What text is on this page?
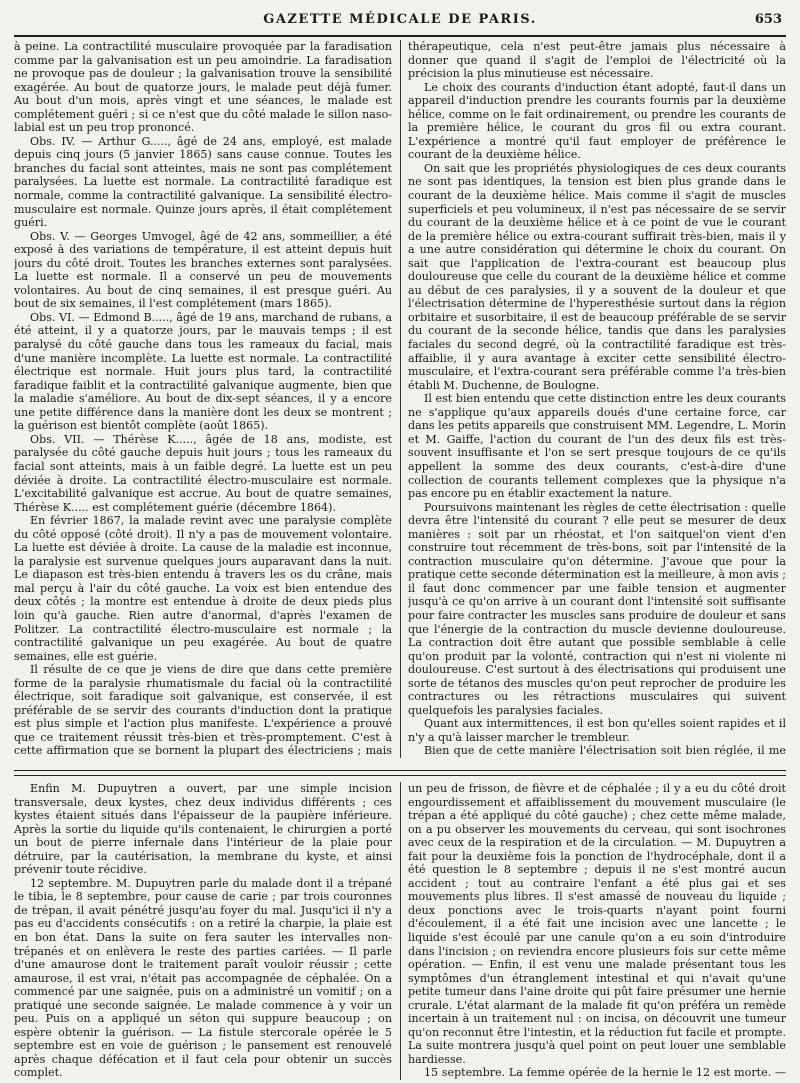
GAZETTE MÉDICALE DE PARIS.	653

à peine. La contractilité musculaire provoquée par la faradisation comme par la galvanisation est un peu amoindrie. La faradisation ne provoque pas de douleur ; la galvanisation trouve la sensibilité exagérée. Au bout de quatorze jours, le malade peut déjà fumer. Au bout d'un mois, après vingt et une séances, le malade est complétement guéri ; si ce n'est que du côté malade le sillon naso-labial est un peu trop prononcé.

Obs. IV. — Arthur G....., âgé de 24 ans, employé, est malade depuis cinq jours (5 janvier 1865) sans cause connue. Toutes les branches du facial sont atteintes, mais ne sont pas complétement paralysées. La luette est normale. La contractilité faradique est normale, comme la contractilité galvanique. La sensibilité électro-musculaire est normale. Quinze jours après, il était complétement guéri.

Obs. V. — Georges Umvogel, âgé de 42 ans, sommeillier, a été exposé à des variations de température, il est atteint depuis huit jours du côté droit. Toutes les branches externes sont paralysées. La luette est normale. Il a conservé un peu de mouvements volontaires. Au bout de cinq semaines, il est presque guéri. Au bout de six semaines, il l'est complétement (mars 1865).

Obs. VI. — Edmond B....., âgé de 19 ans, marchand de rubans, a été atteint, il y a quatorze jours, par le mauvais temps ; il est paralysé du côté gauche dans tous les rameaux du facial, mais d'une manière incomplète. La luette est normale. La contractilité électrique est normale. Huit jours plus tard, la contractilité faradique faiblit et la contractilité galvanique augmente, bien que la maladie s'améliore. Au bout de dix-sept séances, il y a encore une petite différence dans la manière dont les deux se montrent ; la guérison est bientôt complète (août 1865).

Obs. VII. — Thérèse K....., âgée de 18 ans, modiste, est paralysée du côté gauche depuis huit jours ; tous les rameaux du facial sont atteints, mais à un faible degré. La luette est un peu déviée à droite. La contractilité électro-musculaire est normale. L'excitabilité galvanique est accrue. Au bout de quatre semaines, Thérèse K..... est complétement guérie (décembre 1864).

En février 1867, la malade revint avec une paralysie complète du côté opposé (côté droit). Il n'y a pas de mouvement volontaire. La luette est déviée à droite. La cause de la maladie est inconnue, la paralysie est survenue quelques jours auparavant dans la nuit. Le diapason est très-bien entendu à travers les os du crâne, mais mal perçu à l'air du côté gauche. La voix est bien entendue des deux côtés ; la montre est entendue à droite de deux pieds plus loin qu'à gauche. Rien autre d'anormal, d'après l'examen de Politzer. La contractilité électro-musculaire est normale ; la contractilité galvanique un peu exagérée. Au bout de quatre semaines, elle est guérie.

Il résulte de ce que je viens de dire que dans cette première forme de la paralysie rhumatismale du facial où la contractilité électrique, soit faradique soit galvanique, est conservée, il est préférable de se servir des courants d'induction dont la pratique est plus simple et l'action plus manifeste. L'expérience a prouvé que ce traitement réussit très-bien et très-promptement. C'est à cette affirmation que se bornent la plupart des électriciens ; mais

thérapeutique, cela n'est peut-être jamais plus nécessaire à donner que quand il s'agit de l'emploi de l'électricité où la précision la plus minutieuse est nécessaire.

Le choix des courants d'induction étant adopté, faut-il dans un appareil d'induction prendre les courants fournis par la deuxième hélice, comme on le fait ordinairement, ou prendre les courants de la première hélice, le courant du gros fil ou extra courant. L'expérience a montré qu'il faut employer de préférence le courant de la deuxième hélice.

On sait que les propriétés physiologiques de ces deux courants ne sont pas identiques, la tension est bien plus grande dans le courant de la deuxième hélice. Mais comme il s'agit de muscles superficiels et peu volumineux, il n'est pas nécessaire de se servir du courant de la deuxième hélice et à ce point de vue le courant de la première hélice ou extra-courant suffirait très-bien, mais il y a une autre considération qui détermine le choix du courant. On sait que l'application de l'extra-courant est beaucoup plus douloureuse que celle du courant de la deuxième hélice et comme au début de ces paralysies, il y a souvent de la douleur et que l'électrisation détermine de l'hyperesthésie surtout dans la région orbitaire et susorbitaire, il est de beaucoup préférable de se servir du courant de la seconde hélice, tandis que dans les paralysies faciales du second degré, où la contractilité faradique est très-affaiblie, il y aura avantage à exciter cette sensibilité électro-musculaire, et l'extra-courant sera préférable comme l'a très-bien établi M. Duchenne, de Boulogne.

Il est bien entendu que cette distinction entre les deux courants ne s'applique qu'aux appareils doués d'une certaine force, car dans les petits appareils que construisent MM. Legendre, L. Morin et M. Gaiffe, l'action du courant de l'un des deux fils est très-souvent insuffisante et l'on se sert presque toujours de ce qu'ils appellent la somme des deux courants, c'est-à-dire d'une collection de courants tellement complexes que la physique n'a pas encore pu en établir exactement la nature.

Poursuivons maintenant les règles de cette électrisation : quelle devra être l'intensité du courant ? elle peut se mesurer de deux manières : soit par un rhéostat, et l'on saitquel'on vient d'en construire tout récemment de très-bons, soit par l'intensité de la contraction musculaire qu'on détermine. J'avoue que pour la pratique cette seconde détermination est la meilleure, à mon avis ; il faut donc commencer par une faible tension et augmenter jusqu'à ce qu'on arrive à un courant dont l'intensité soit suffisante pour faire contracter les muscles sans produire de douleur et sans que l'énergie de la contraction du muscle devienne douloureuse. La contraction doit être autant que possible semblable à celle qu'on produit par la volonté, contraction qui n'est ni violente ni douloureuse. C'est surtout à des électrisations qui produisent une sorte de tétanos des muscles qu'on peut reprocher de produire les contractures ou les rétractions musculaires qui suivent quelquefois les paralysies faciales.

Quant aux intermittences, il est bon qu'elles soient rapides et il n'y a qu'à laisser marcher le trembleur.

Bien que de cette manière l'électrisation soit bien réglée, il me

Enfin M. Dupuytren a ouvert, par une simple incision transversale, deux kystes, chez deux individus différents ; ces kystes étaient situés dans l'épaisseur de la paupière inférieure. Après la sortie du liquide qu'ils contenaient, le chirurgien a porté un bout de pierre infernale dans l'intérieur de la plaie pour détruire, par la cautérisation, la membrane du kyste, et ainsi prévenir toute récidive.

12 septembre. M. Dupuytren parle du malade dont il a trépané le tibia, le 8 septembre, pour cause de carie ; par trois couronnes de trépan, il avait pénétré jusqu'au foyer du mal. Jusqu'ici il n'y a pas eu d'accidents consécutifs : on a retiré la charpie, la plaie est en bon état. Dans la suite on fera sauter les intervalles non-trépanés et on enlèvera le reste des parties cariées. — Il parle d'une amaurose dont le traitement paraît vouloir réussir ; cette amaurose, il est vrai, n'était pas accompagnée de céphalée. On a commencé par une saignée, puis on a administré un vomitif ; on a pratiqué une seconde saignée. Le malade commence à y voir un peu. Puis on a appliqué un séton qui suppure beaucoup ; on espère obtenir la guérison. — La fistule stercorale opérée le 5 septembre est en voie de guérison ; le pansement est renouvelé après chaque défécation et il faut cela pour obtenir un succès complet.

un peu de frisson, de fièvre et de céphalée ; il y a eu du côté droit engourdissement et affaiblissement du mouvement musculaire (le trépan a été appliqué du côté gauche) ; chez cette même malade, on a pu observer les mouvements du cerveau, qui sont isochrones avec ceux de la respiration et de la circulation. — M. Dupuytren a fait pour la deuxième fois la ponction de l'hydrocéphale, dont il a été question le 8 septembre ; depuis il ne s'est montré aucun accident ; tout au contraire l'enfant a été plus gai et ses mouvements plus libres. Il s'est amassé de nouveau du liquide ; deux ponctions avec le trois-quarts n'ayant point fourni d'écoulement, il a été fait une incision avec une lancette ; le liquide s'est écoulé par une canule qu'on a eu soin d'introduire dans l'incision ; on reviendra encore plusieurs fois sur cette même opération. — Enfin, il est venu une malade présentant tous les symptômes d'un étranglement intestinal et qui n'avait qu'une petite tumeur dans l'aine droite qui pût faire présumer une hernie crurale. L'état alarmant de la malade fit qu'on préféra un remède incertain à un traitement nul : on incisa, on découvrit une tumeur qu'on reconnut être l'intestin, et la réduction fut facile et prompte. La suite montrera jusqu'à quel point on peut louer une semblable hardiesse.

15 septembre. La femme opérée de la hernie le 12 est morte. —
